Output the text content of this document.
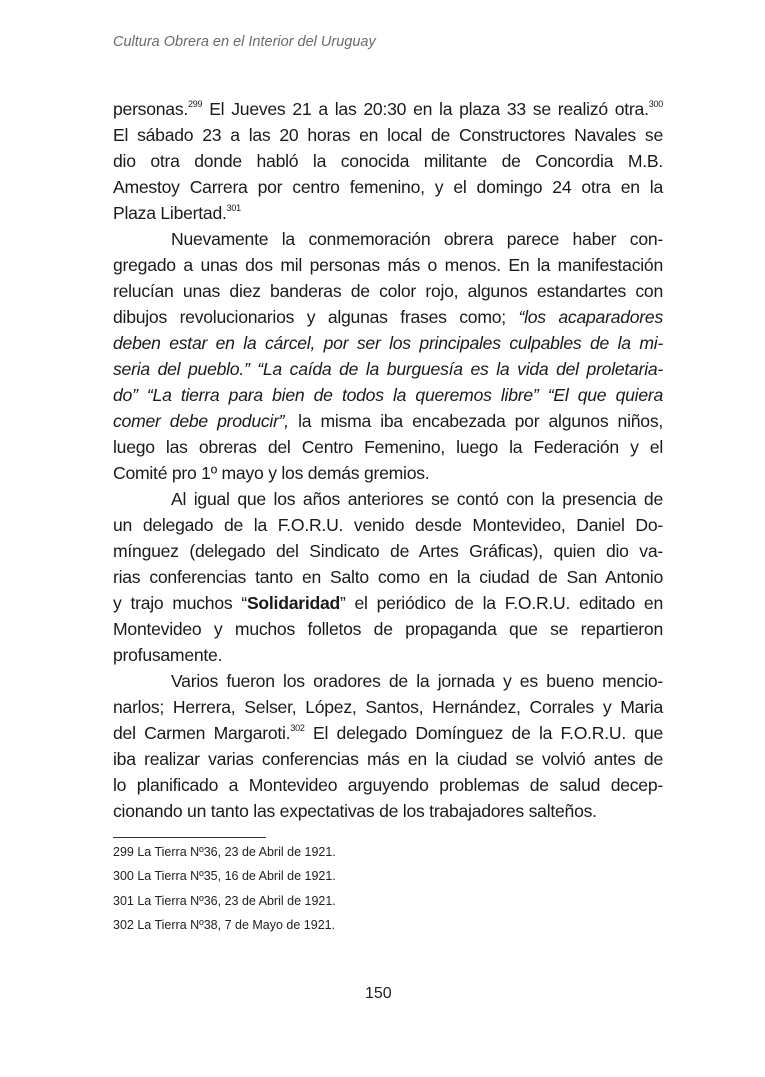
Cultura Obrera en el Interior del Uruguay
personas.$^{299}$ El Jueves 21 a las 20:30 en la plaza 33 se realizó otra.$^{300}$
El sábado 23 a las 20 horas en local de Constructores Navales se
dio otra donde habló la conocida militante de Concordia M.B.
Amestoy Carrera por centro femenino, y el domingo 24 otra en la
Plaza Libertad.$^{301}$
Nuevamente la conmemoración obrera parece haber con-
gregado a unas dos mil personas más o menos. En la manifestación
relucían unas diez banderas de color rojo, algunos estandartes con
dibujos revolucionarios y algunas frases como; “los acaparadores
deben estar en la cárcel, por ser los principales culpables de la mi-
seria del pueblo.” “La caída de la burguesía es la vida del proletaria-
do” “La tierra para bien de todos la queremos libre” “El que quiera
comer debe producir”, la misma iba encabezada por algunos niños,
luego las obreras del Centro Femenino, luego la Federación y el
Comité pro 1º mayo y los demás gremios.
Al igual que los años anteriores se contó con la presencia de
un delegado de la F.O.R.U. venido desde Montevideo, Daniel Do-
mínguez (delegado del Sindicato de Artes Gráficas), quien dio va-
rias conferencias tanto en Salto como en la ciudad de San Antonio
y trajo muchos “Solidaridad” el periódico de la F.O.R.U. editado en
Montevideo y muchos folletos de propaganda que se repartieron
profusamente.
Varios fueron los oradores de la jornada y es bueno mencio-
narlos; Herrera, Selser, López, Santos, Hernández, Corrales y Maria
del Carmen Margaroti.$^{302}$ El delegado Domínguez de la F.O.R.U. que
iba realizar varias conferencias más en la ciudad se volvió antes de
lo planificado a Montevideo arguyendo problemas de salud decep-
cionando un tanto las expectativas de los trabajadores salteños.
299 La Tierra Nº36, 23 de Abril de 1921.
300 La Tierra Nº35, 16 de Abril de 1921.
301 La Tierra Nº36, 23 de Abril de 1921.
302 La Tierra Nº38, 7 de Mayo de 1921.
150
